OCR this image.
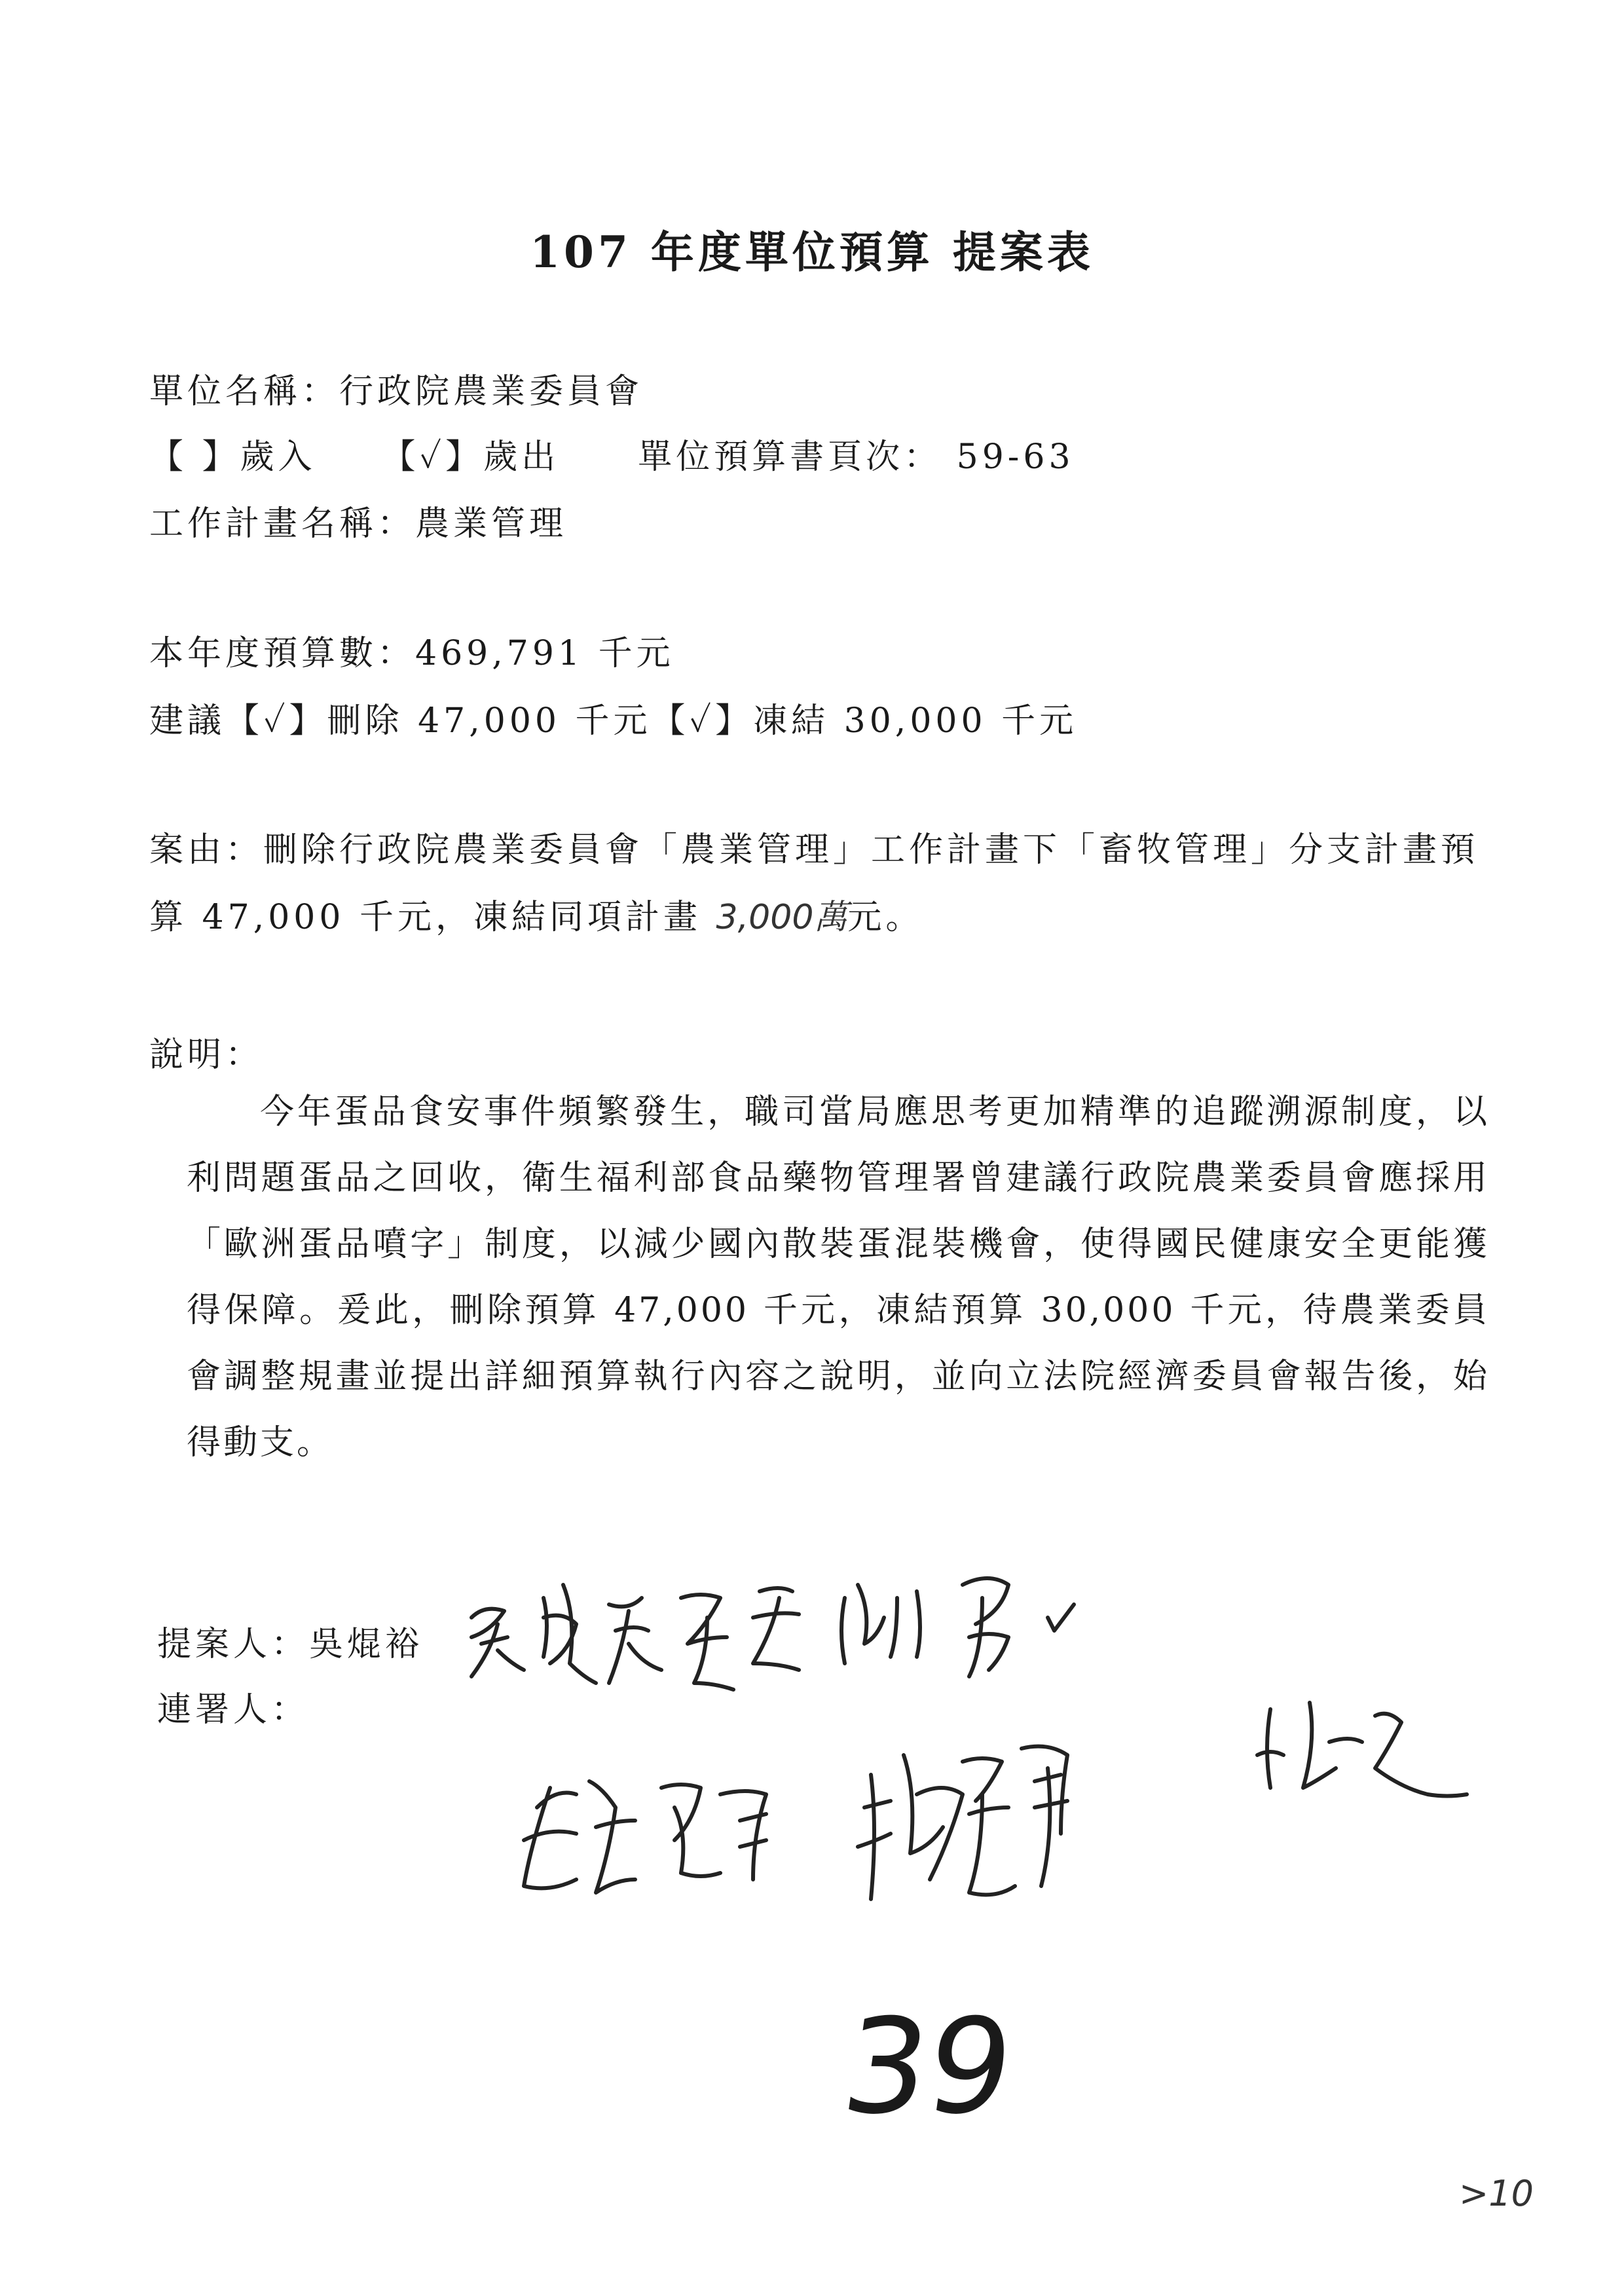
107 年度單位預算 提案表
單位名稱：行政院農業委員會
【 】歲入 【✓】歲出 單位預算書頁次： 59-63
工作計畫名稱：農業管理
本年度預算數：469,791 千元
建議【✓】刪除 47,000 千元【✓】凍結 30,000 千元
案由：刪除行政院農業委員會「農業管理」工作計畫下「畜牧管理」分支計畫預
算 47,000 千元，凍結同項計畫 3,000萬元。
說明：
今年蛋品食安事件頻繁發生，職司當局應思考更加精準的追蹤溯源制度，以利問題蛋品之回收，衛生福利部食品藥物管理署曾建議行政院農業委員會應採用「歐洲蛋品噴字」制度，以減少國內散裝蛋混裝機會，使得國民健康安全更能獲得保障。爰此，刪除預算 47,000 千元，凍結預算 30,000 千元，待農業委員會調整規畫並提出詳細預算執行內容之說明，並向立法院經濟委員會報告後，始得動支。
提案人：吳焜裕
連署人：
39
>10
